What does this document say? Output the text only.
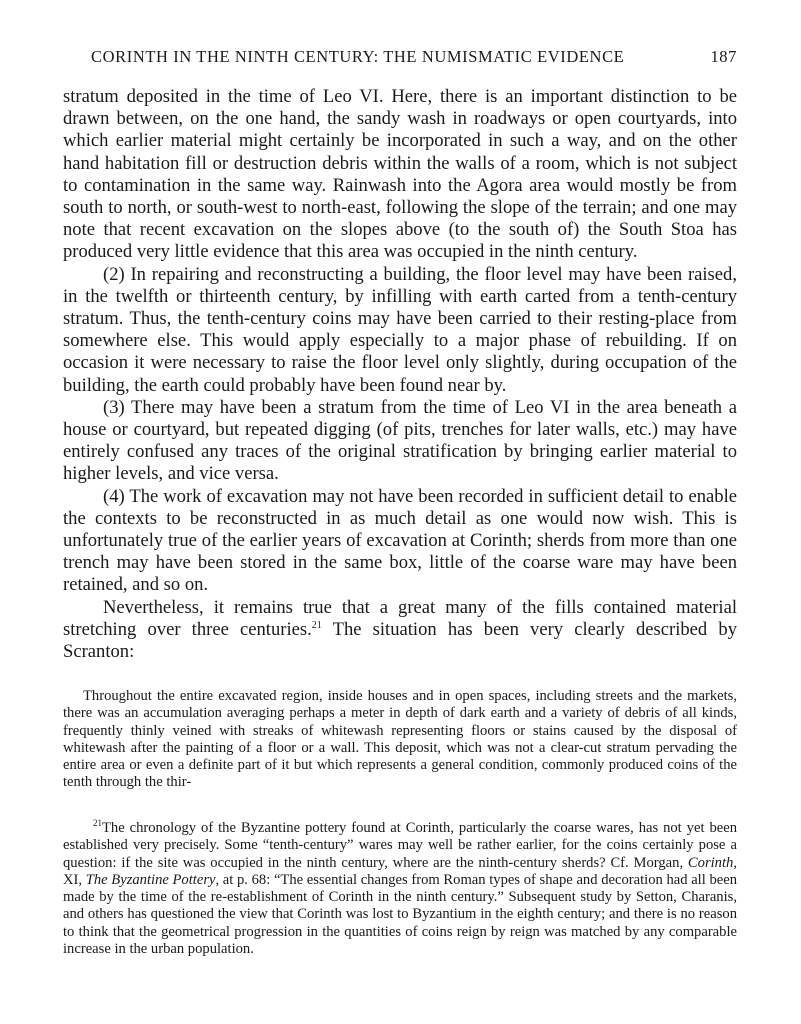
CORINTH IN THE NINTH CENTURY: THE NUMISMATIC EVIDENCE	187

stratum deposited in the time of Leo VI. Here, there is an important distinction to be drawn between, on the one hand, the sandy wash in roadways or open courtyards, into which earlier material might certainly be incorporated in such a way, and on the other hand habitation fill or destruction debris within the walls of a room, which is not subject to contamination in the same way. Rainwash into the Agora area would mostly be from south to north, or south-west to north-east, following the slope of the terrain; and one may note that recent excavation on the slopes above (to the south of) the South Stoa has produced very little evidence that this area was occupied in the ninth century.

(2) In repairing and reconstructing a building, the floor level may have been raised, in the twelfth or thirteenth century, by infilling with earth carted from a tenth-century stratum. Thus, the tenth-century coins may have been carried to their resting-place from somewhere else. This would apply especially to a major phase of rebuilding. If on occasion it were necessary to raise the floor level only slightly, during occupation of the building, the earth could probably have been found near by.

(3) There may have been a stratum from the time of Leo VI in the area beneath a house or courtyard, but repeated digging (of pits, trenches for later walls, etc.) may have entirely confused any traces of the original stratification by bringing earlier material to higher levels, and vice versa.

(4) The work of excavation may not have been recorded in sufficient detail to enable the contexts to be reconstructed in as much detail as one would now wish. This is unfortunately true of the earlier years of excavation at Corinth; sherds from more than one trench may have been stored in the same box, little of the coarse ware may have been retained, and so on.

Nevertheless, it remains true that a great many of the fills contained material stretching over three centuries.$^{21}$ The situation has been very clearly described by Scranton:

Throughout the entire excavated region, inside houses and in open spaces, including streets and the markets, there was an accumulation averaging perhaps a meter in depth of dark earth and a variety of debris of all kinds, frequently thinly veined with streaks of whitewash representing floors or stains caused by the disposal of whitewash after the painting of a floor or a wall. This deposit, which was not a clear-cut stratum pervading the entire area or even a definite part of it but which represents a general condition, commonly produced coins of the tenth through the thir-

$^{21}$The chronology of the Byzantine pottery found at Corinth, particularly the coarse wares, has not yet been established very precisely. Some “tenth-century” wares may well be rather earlier, for the coins certainly pose a question: if the site was occupied in the ninth century, where are the ninth-century sherds? Cf. Morgan, Corinth, XI, The Byzantine Pottery, at p. 68: “The essential changes from Roman types of shape and decoration had all been made by the time of the re-establishment of Corinth in the ninth century.” Subsequent study by Setton, Charanis, and others has questioned the view that Corinth was lost to Byzantium in the eighth century; and there is no reason to think that the geometrical progression in the quantities of coins reign by reign was matched by any comparable increase in the urban population.
